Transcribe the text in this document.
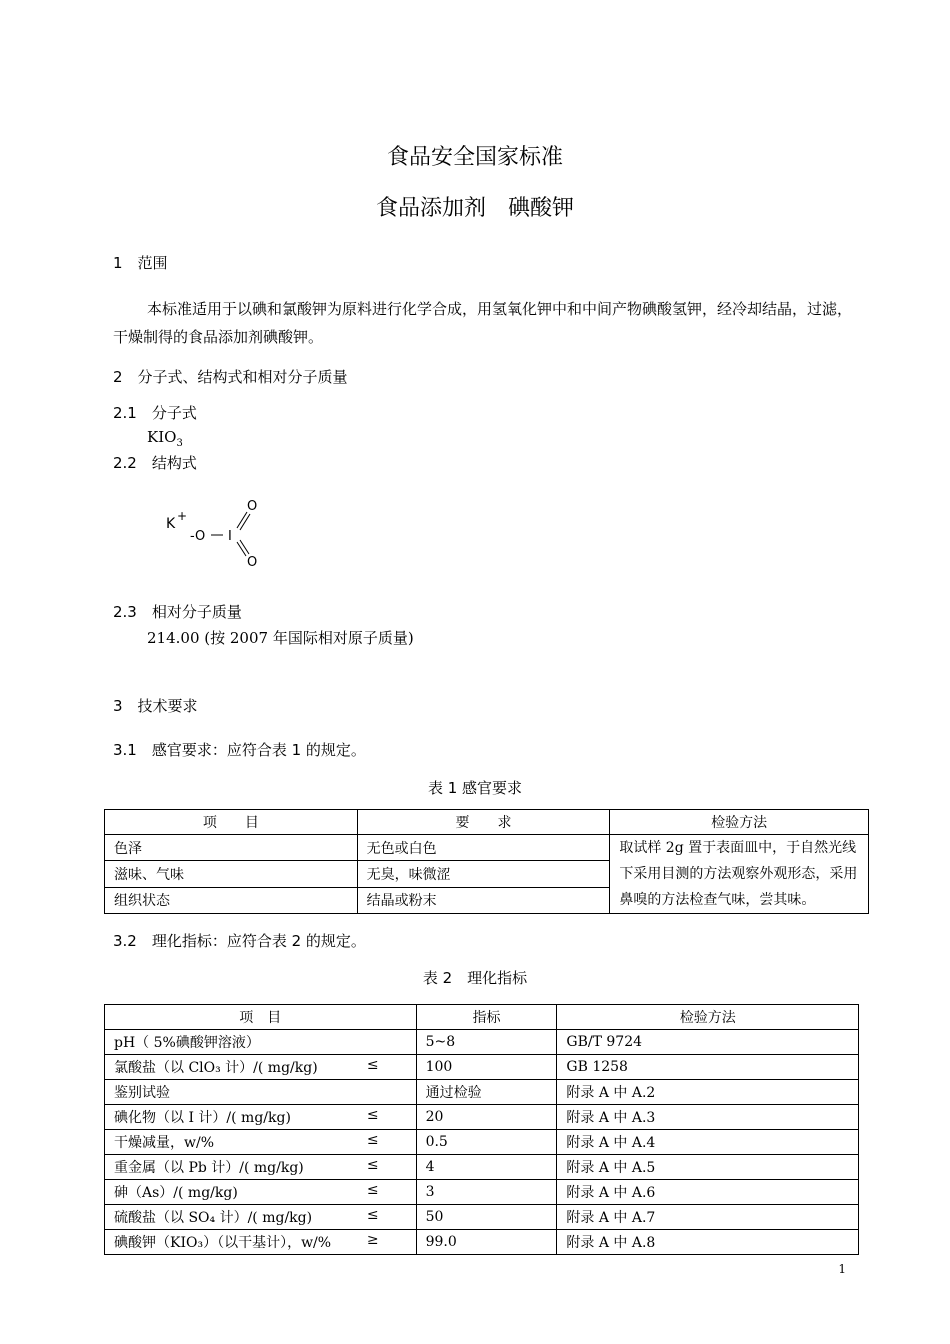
食品安全国家标准
食品添加剂　碘酸钾
1　范围
本标准适用于以碘和氯酸钾为原料进行化学合成，用氢氧化钾中和中间产物碘酸氢钾，经冷却结晶，过滤，干燥制得的食品添加剂碘酸钾。
2　分子式、结构式和相对分子质量
2.1　分子式
$KIO_3$
2.2　结构式
K +
-O I
O
O
2.3　相对分子质量
214.00 (按 2007 年国际相对原子质量)
3　技术要求
3.1　感官要求：应符合表 1 的规定。
表 1 感官要求
项　　目	要　　求	检验方法
色泽	无色或白色	取试样 2g 置于表面皿中，于自然光线
下采用目测的方法观察外观形态，采用
鼻嗅的方法检查气味，尝其味。

滋味、气味	无臭，味微涩	
组织状态	结晶或粉末	
3.2　理化指标：应符合表 2 的规定。
表 2　理化指标
项　目	指标	检验方法
pH（ 5%碘酸钾溶液）	5~8	GB/T 9724
氯酸盐（以 ClO₃ 计）/( mg/kg) ≤	100	GB 1258
鉴别试验	通过检验	附录 A 中 A.2
碘化物（以 I 计）/( mg/kg) ≤	20	附录 A 中 A.3
干燥减量，w/% ≤	0.5	附录 A 中 A.4
重金属（以 Pb 计）/( mg/kg) ≤	4	附录 A 中 A.5
砷（As）/( mg/kg) ≤	3	附录 A 中 A.6
硫酸盐（以 SO₄ 计）/( mg/kg) ≤	50	附录 A 中 A.7
碘酸钾（KIO₃）（以干基计），w/% ≥	99.0	附录 A 中 A.8
1
